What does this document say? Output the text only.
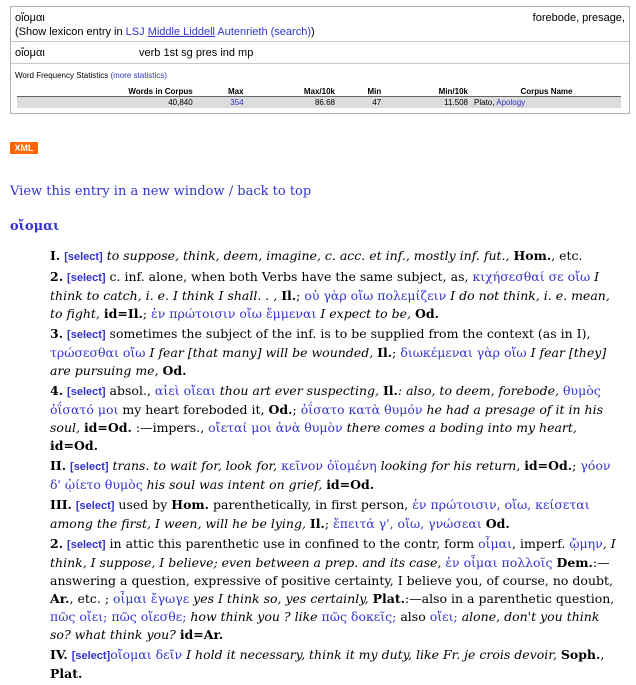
οἴομαι	forebode, presage,
(Show lexicon entry in LSJ Middle Liddell Autenrieth (search))
οἴομαι	verb 1st sg pres ind mp
Word Frequency Statistics (more statistics)
Words in Corpus	Max	Max/10k	Min	Min/10k	Corpus Name
40,840	354	86.68	47	11.508	Plato, Apology
XML
View this entry in a new window / back to top
οἴομαι

I. [select] to suppose, think, deem, imagine, c. acc. et inf., mostly inf. fut., Hom., etc.

2. [select] c. inf. alone, when both Verbs have the same subject, as, κιχήσεσθαί σε οἴω I think to catch, i. e. I think I shall. . , Il.; οὐ γὰρ οἴω πολεμίζειν I do not think, i. e. mean, to fight, id=Il.; ἐν πρώτοισιν οἴω ἔμμεναι I expect to be, Od.

3. [select] sometimes the subject of the inf. is to be supplied from the context (as in I), τρώσεσθαι οἴω I fear [that many] will be wounded, Il.; διωκέμεναι γὰρ οἴω I fear [they] are pursuing me, Od.

4. [select] absol., αἰεὶ οἴεαι thou art ever suspecting, Il.: also, to deem, forebode, θυμὸς ὀΐσατό μοι my heart foreboded it, Od.; ὀΐσατο κατὰ θυμόν he had a presage of it in his soul, id=Od. :—impers., οἴεταί μοι ἀνὰ θυμὸν there comes a boding into my heart, id=Od.

II. [select] trans. to wait for, look for, κεῖνον ὀϊομένη looking for his return, id=Od.; γόον δ' ᾠίετο θυμὸς his soul was intent on grief, id=Od.

III. [select] used by Hom. parenthetically, in first person, ἐν πρώτοισιν, οἴω, κείσεται among the first, I ween, will he be lying, Il.; ἔπειτά γ', οἴω, γνώσεαι Od.

2. [select] in attic this parenthetic use in confined to the contr, form οἶμαι, imperf. ᾤμην, I think, I suppose, I believe; even between a prep. and its case, ἐν οἶμαι πολλοῖς Dem.:—answering a question, expressive of positive certainty, I believe you, of course, no doubt, Ar., etc. ; οἶμαι ἔγωγε yes I think so, yes certainly, Plat.:—also in a parenthetic question, πῶς οἴει; πῶς οἴεσθε; how think you ? like πῶς δοκεῖς; also οἴει; alone, don't you think so? what think you? id=Ar.

IV. [select]οἴομαι δεῖν I hold it necessary, think it my duty, like Fr. je crois devoir, Soph., Plat.
